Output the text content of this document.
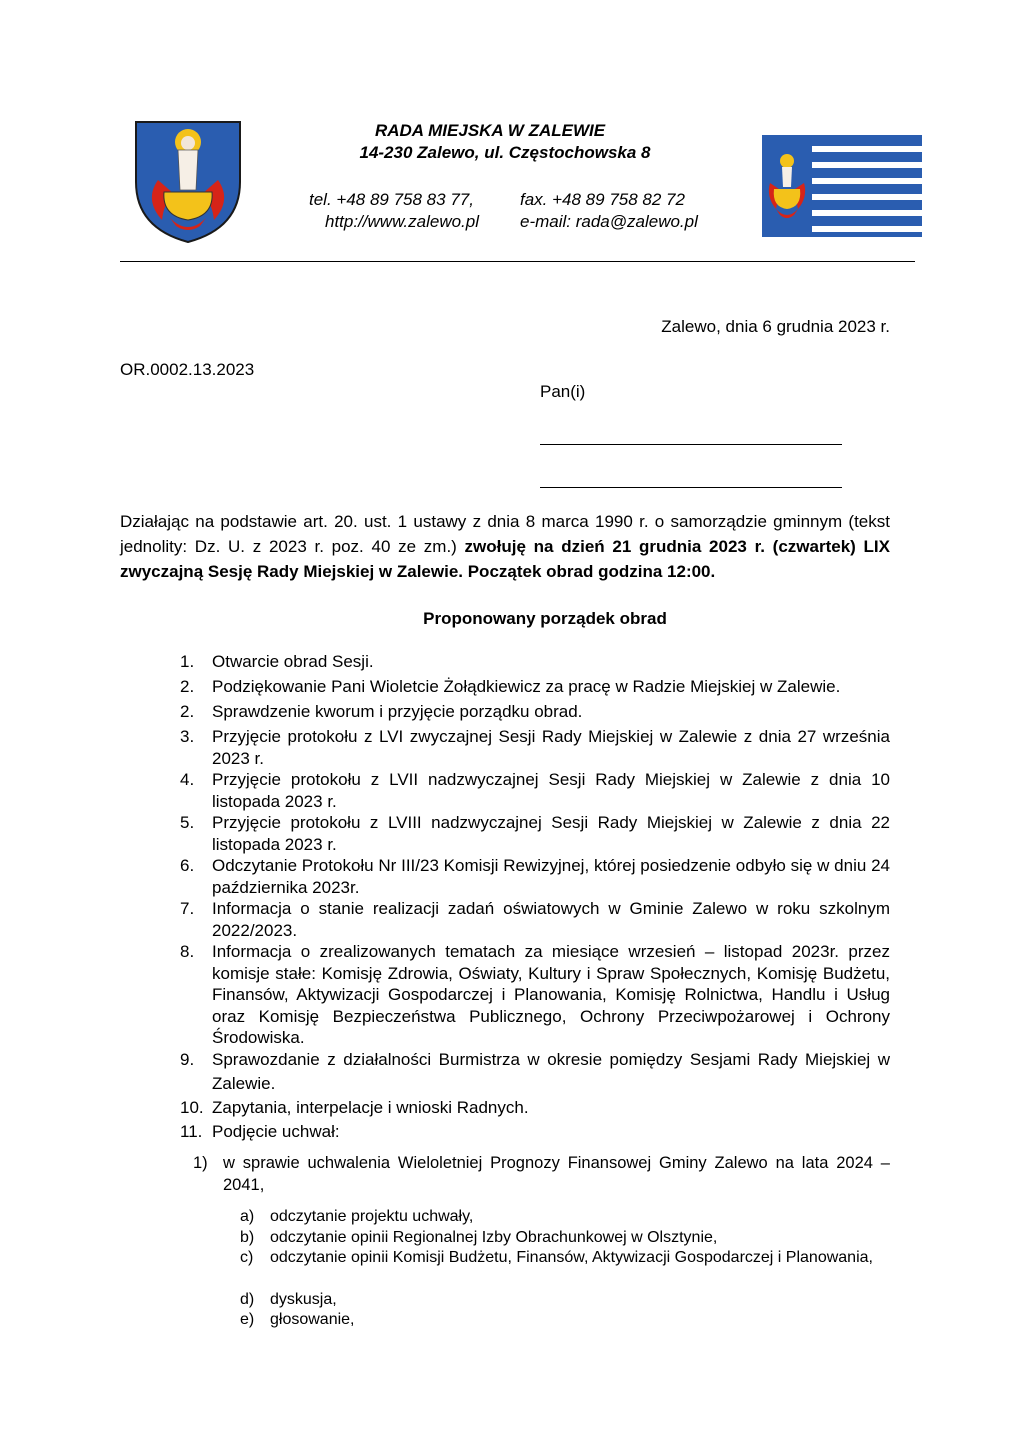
RADA MIEJSKA W ZALEWIE
14-230 Zalewo, ul. Częstochowska 8
tel. +48 89 758 83 77,	fax. +48 89 758 82 72
http://www.zalewo.pl e-mail: rada@zalewo.pl
Zalewo, dnia 6 grudnia 2023 r.
OR.0002.13.2023
Pan(i)
Działając na podstawie art. 20. ust. 1 ustawy z dnia 8 marca 1990 r. o samorządzie gminnym (tekst jednolity: Dz. U. z 2023 r. poz. 40 ze zm.) zwołuję na dzień 21 grudnia 2023 r. (czwartek) LIX zwyczajną Sesję Rady Miejskiej w Zalewie. Początek obrad godzina 12:00.
Proponowany porządek obrad
1. Otwarcie obrad Sesji.
2. Podziękowanie Pani Wioletcie Żołądkiewicz za pracę w Radzie Miejskiej w Zalewie.
2. Sprawdzenie kworum i przyjęcie porządku obrad.
3. Przyjęcie protokołu z LVI zwyczajnej Sesji Rady Miejskiej w Zalewie z dnia 27 września 2023 r.
4. Przyjęcie protokołu z LVII nadzwyczajnej Sesji Rady Miejskiej w Zalewie z dnia 10 listopada 2023 r.
5. Przyjęcie protokołu z LVIII nadzwyczajnej Sesji Rady Miejskiej w Zalewie z dnia 22 listopada 2023 r.
6. Odczytanie Protokołu Nr III/23 Komisji Rewizyjnej, której posiedzenie odbyło się w dniu 24 października 2023r.
7. Informacja o stanie realizacji zadań oświatowych w Gminie Zalewo w roku szkolnym 2022/2023.
8. Informacja o zrealizowanych tematach za miesiące wrzesień – listopad 2023r. przez komisje stałe: Komisję Zdrowia, Oświaty, Kultury i Spraw Społecznych, Komisję Budżetu, Finansów, Aktywizacji Gospodarczej i Planowania, Komisję Rolnictwa, Handlu i Usług oraz Komisję Bezpieczeństwa Publicznego, Ochrony Przeciwpożarowej i Ochrony Środowiska.
9. Sprawozdanie z działalności Burmistrza w okresie pomiędzy Sesjami Rady Miejskiej w Zalewie.
10. Zapytania, interpelacje i wnioski Radnych.
11. Podjęcie uchwał:
1) w sprawie uchwalenia Wieloletniej Prognozy Finansowej Gminy Zalewo na lata 2024 – 2041,
a) odczytanie projektu uchwały,
b) odczytanie opinii Regionalnej Izby Obrachunkowej w Olsztynie,
c) odczytanie opinii Komisji Budżetu, Finansów, Aktywizacji Gospodarczej i Planowania,
d) dyskusja,
e) głosowanie,
